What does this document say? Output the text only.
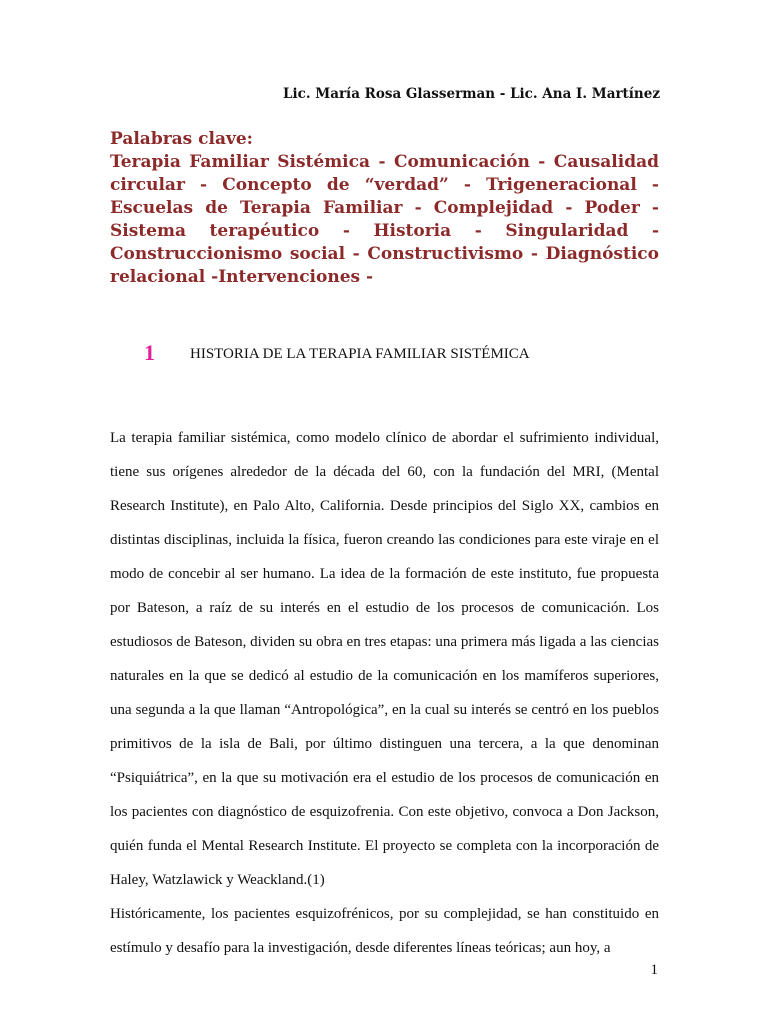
Lic. María Rosa Glasserman - Lic. Ana I. Martínez
Palabras clave:
Terapia Familiar Sistémica - Comunicación - Causalidad circular - Concepto de “verdad” - Trigeneracional - Escuelas de Terapia Familiar - Complejidad - Poder - Sistema terapéutico - Historia - Singularidad - Construccionismo social - Constructivismo - Diagnóstico relacional -Intervenciones -
1 HISTORIA DE LA TERAPIA FAMILIAR SISTÉMICA

La terapia familiar sistémica, como modelo clínico de abordar el sufrimiento individual, tiene sus orígenes alrededor de la década del 60, con la fundación del MRI, (Mental Research Institute), en Palo Alto, California. Desde principios del Siglo XX, cambios en distintas disciplinas, incluida la física, fueron creando las condiciones para este viraje en el modo de concebir al ser humano. La idea de la formación de este instituto, fue propuesta por Bateson, a raíz de su interés en el estudio de los procesos de comunicación. Los estudiosos de Bateson, dividen su obra en tres etapas: una primera más ligada a las ciencias naturales en la que se dedicó al estudio de la comunicación en los mamíferos superiores, una segunda a la que llaman “Antropológica”, en la cual su interés se centró en los pueblos primitivos de la isla de Bali, por último distinguen una tercera, a la que denominan “Psiquiátrica”, en la que su motivación era el estudio de los procesos de comunicación en los pacientes con diagnóstico de esquizofrenia. Con este objetivo, convoca a Don Jackson, quién funda el Mental Research Institute. El proyecto se completa con la incorporación de Haley, Watzlawick y Weackland.(1)

Históricamente, los pacientes esquizofrénicos, por su complejidad, se han constituido en estímulo y desafío para la investigación, desde diferentes líneas teóricas; aun hoy, a

1
